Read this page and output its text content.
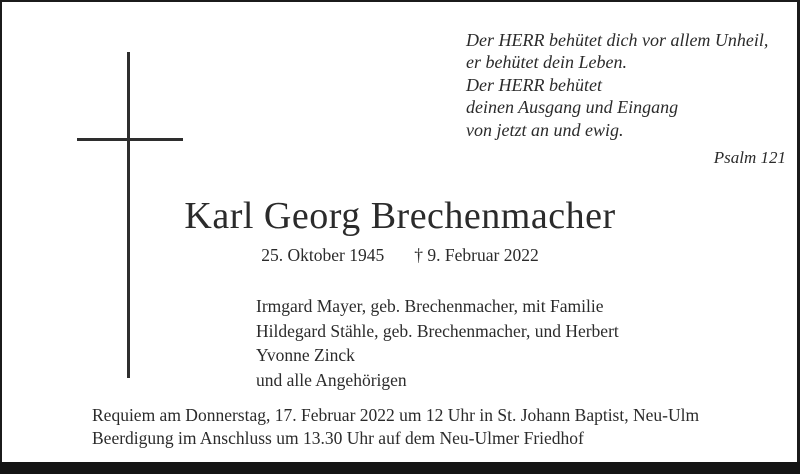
Der HERR behütet dich vor allem Unheil,
er behütet dein Leben.
Der HERR behütet
deinen Ausgang und Eingang
von jetzt an und ewig.
Psalm 121
Karl Georg Brechenmacher
25. Oktober 1945 † 9. Februar 2022
Irmgard Mayer, geb. Brechenmacher, mit Familie
Hildegard Stähle, geb. Brechenmacher, und Herbert
Yvonne Zinck
und alle Angehörigen
Requiem am Donnerstag, 17. Februar 2022 um 12 Uhr in St. Johann Baptist, Neu-Ulm
Beerdigung im Anschluss um 13.30 Uhr auf dem Neu-Ulmer Friedhof
